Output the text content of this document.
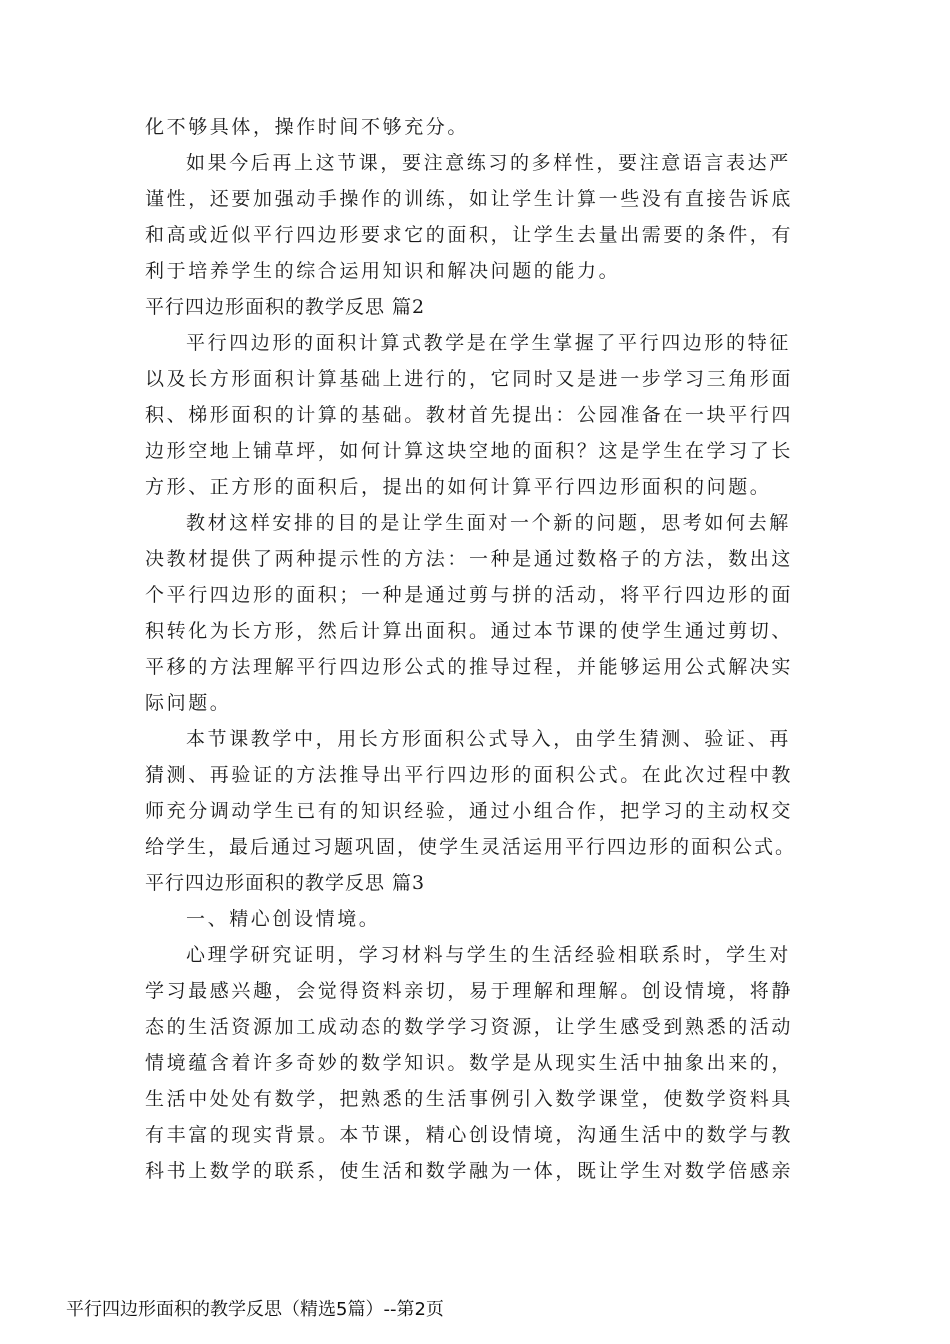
化不够具体，操作时间不够充分。
如果今后再上这节课，要注意练习的多样性，要注意语言表达严
谨性，还要加强动手操作的训练，如让学生计算一些没有直接告诉底
和高或近似平行四边形要求它的面积，让学生去量出需要的条件，有
利于培养学生的综合运用知识和解决问题的能力。
平行四边形面积的教学反思 篇2
平行四边形的面积计算式教学是在学生掌握了平行四边形的特征
以及长方形面积计算基础上进行的，它同时又是进一步学习三角形面
积、梯形面积的计算的基础。教材首先提出：公园准备在一块平行四
边形空地上铺草坪，如何计算这块空地的面积？这是学生在学习了长
方形、正方形的面积后，提出的如何计算平行四边形面积的问题。
教材这样安排的目的是让学生面对一个新的问题，思考如何去解
决教材提供了两种提示性的方法：一种是通过数格子的方法，数出这
个平行四边形的面积；一种是通过剪与拼的活动，将平行四边形的面
积转化为长方形，然后计算出面积。通过本节课的使学生通过剪切、
平移的方法理解平行四边形公式的推导过程，并能够运用公式解决实
际问题。
本节课教学中，用长方形面积公式导入，由学生猜测、验证、再
猜测、再验证的方法推导出平行四边形的面积公式。在此次过程中教
师充分调动学生已有的知识经验，通过小组合作，把学习的主动权交
给学生，最后通过习题巩固，使学生灵活运用平行四边形的面积公式。
平行四边形面积的教学反思 篇3
一、精心创设情境。
心理学研究证明，学习材料与学生的生活经验相联系时，学生对
学习最感兴趣，会觉得资料亲切，易于理解和理解。创设情境，将静
态的生活资源加工成动态的数学学习资源，让学生感受到熟悉的活动
情境蕴含着许多奇妙的数学知识。数学是从现实生活中抽象出来的，
生活中处处有数学，把熟悉的生活事例引入数学课堂，使数学资料具
有丰富的现实背景。本节课，精心创设情境，沟通生活中的数学与教
科书上数学的联系，使生活和数学融为一体，既让学生对数学倍感亲
平行四边形面积的教学反思（精选5篇）--第2页
